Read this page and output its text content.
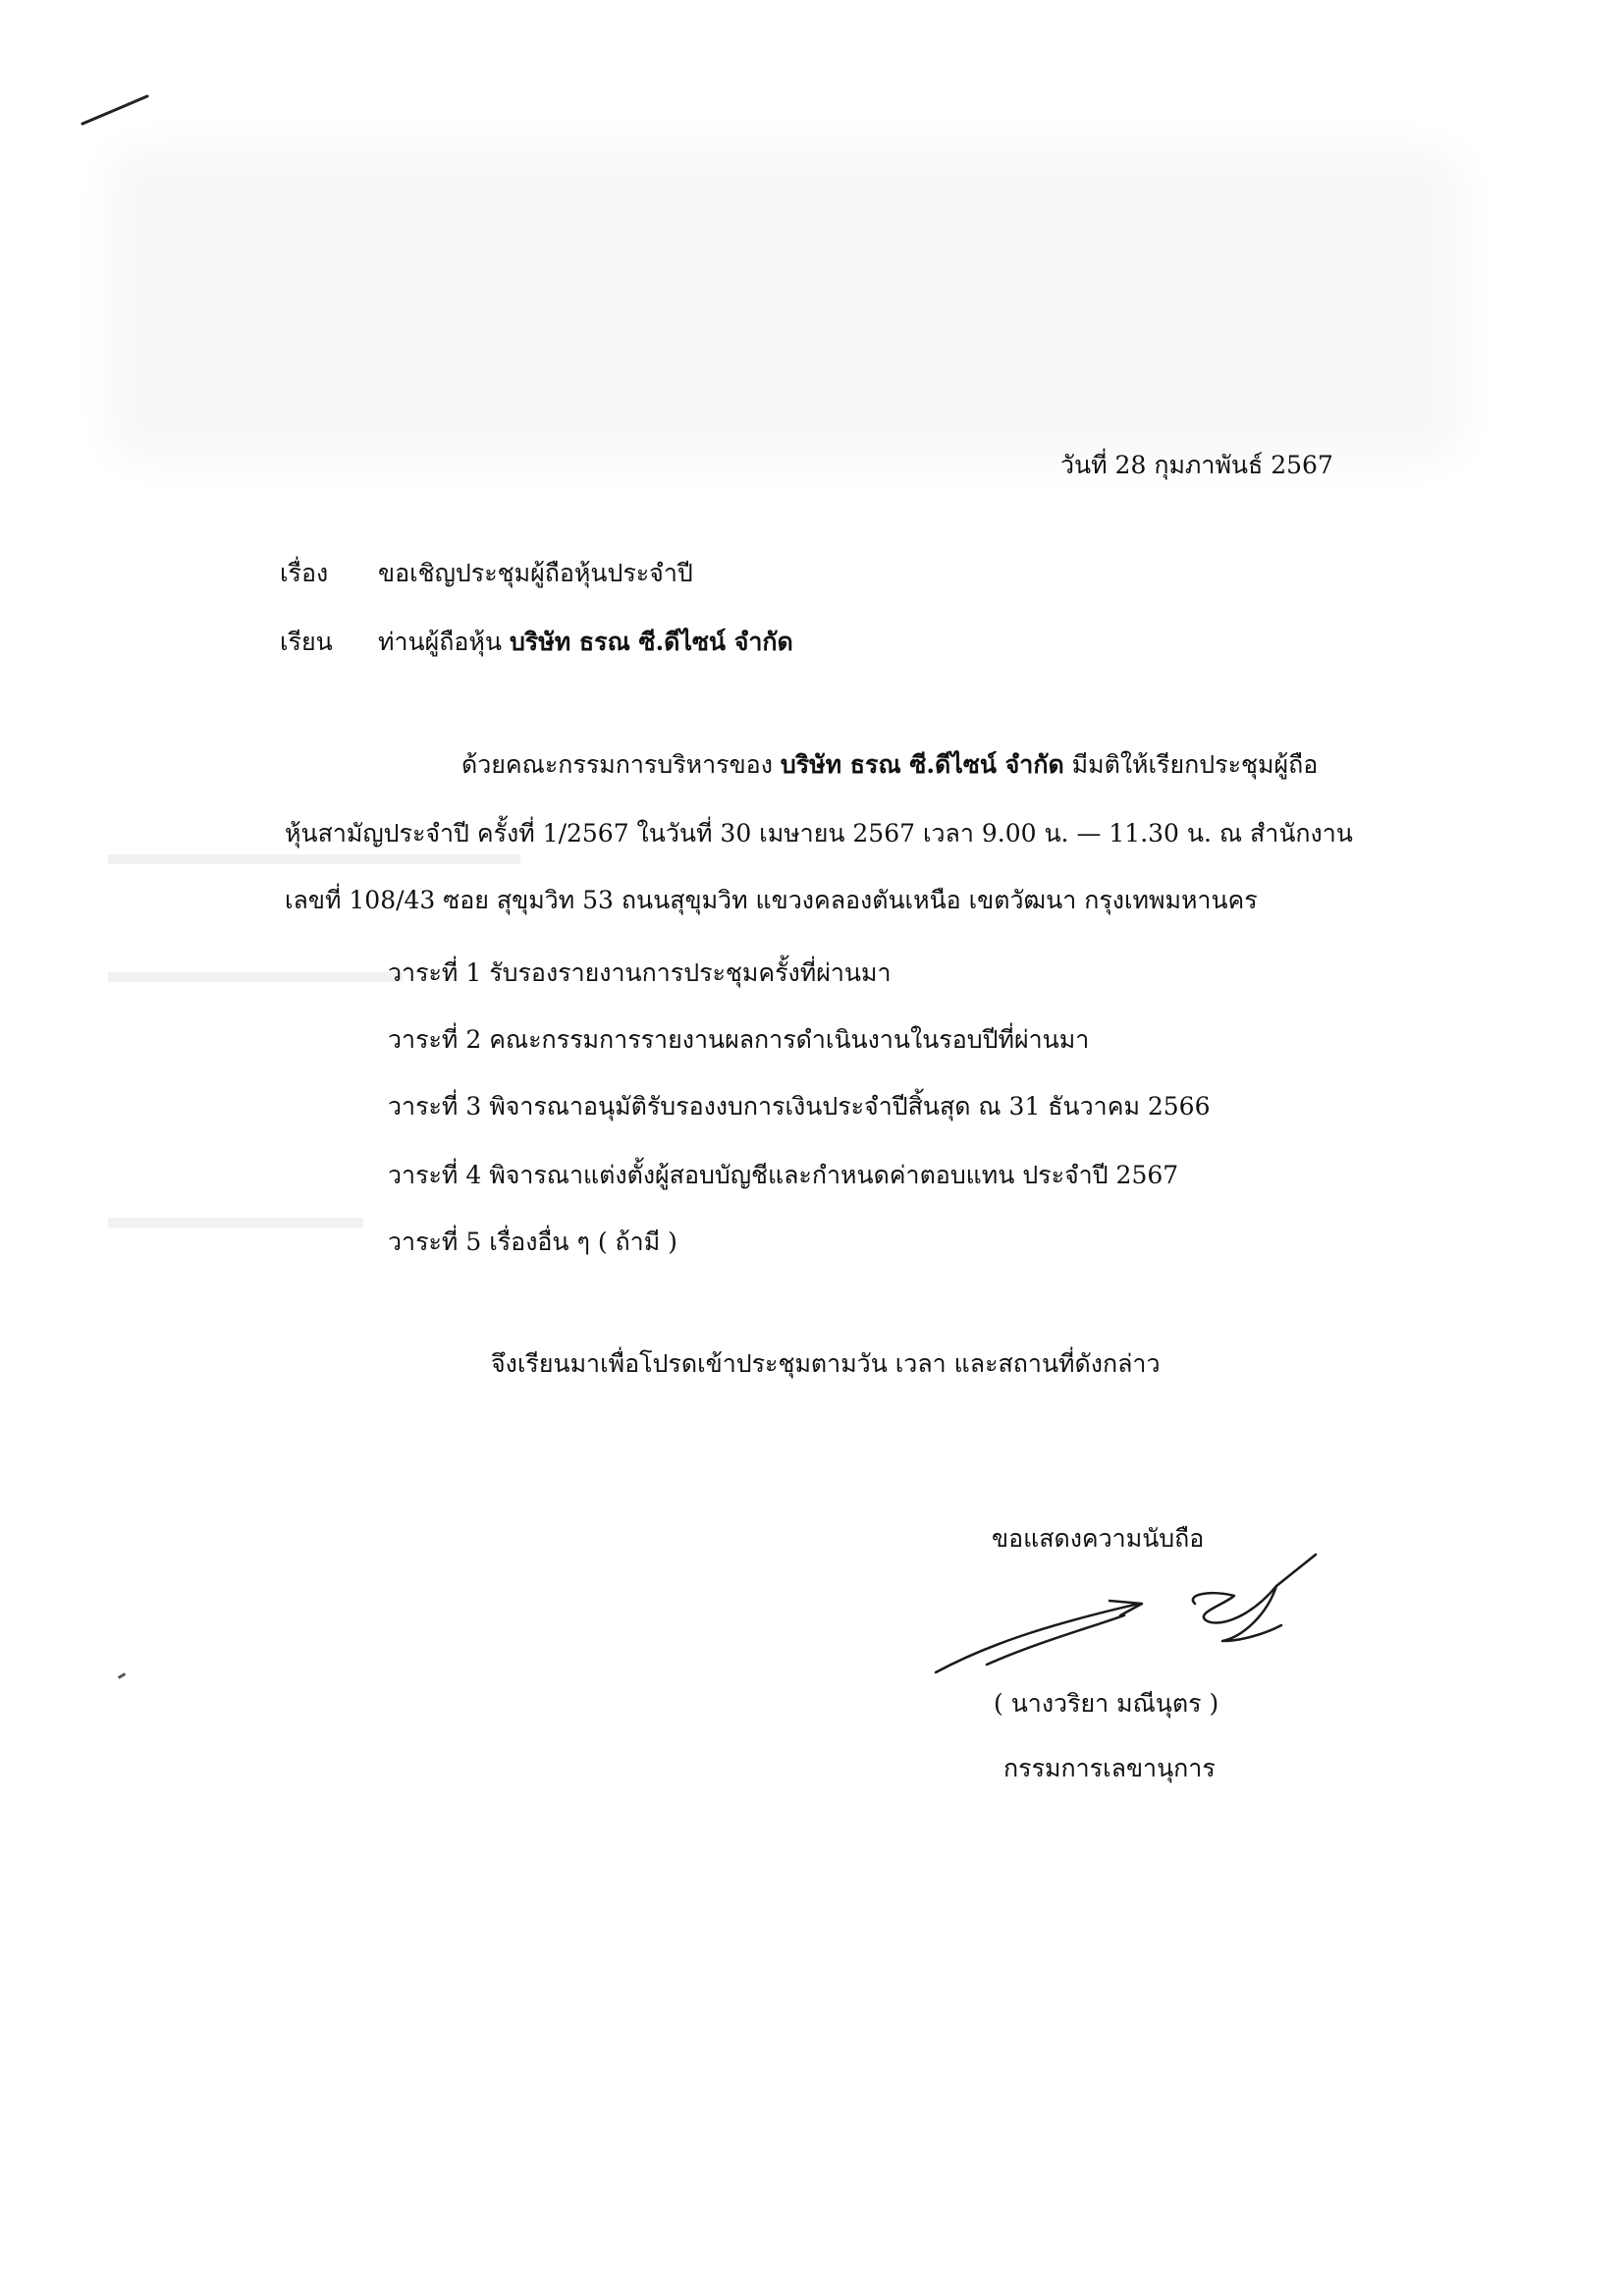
วันที่ 28 กุมภาพันธ์ 2567
เรื่อง ขอเชิญประชุมผู้ถือหุ้นประจำปี
เรียน ท่านผู้ถือหุ้น บริษัท ธรณ ซี.ดีไซน์ จำกัด
ด้วยคณะกรรมการบริหารของ บริษัท ธรณ ซี.ดีไซน์ จำกัด มีมติให้เรียกประชุมผู้ถือ
หุ้นสามัญประจำปี ครั้งที่ 1/2567 ในวันที่ 30 เมษายน 2567 เวลา 9.00 น. — 11.30 น. ณ สำนักงาน
เลขที่ 108/43 ซอย สุขุมวิท 53 ถนนสุขุมวิท แขวงคลองตันเหนือ เขตวัฒนา กรุงเทพมหานคร
วาระที่ 1 รับรองรายงานการประชุมครั้งที่ผ่านมา
วาระที่ 2 คณะกรรมการรายงานผลการดำเนินงานในรอบปีที่ผ่านมา
วาระที่ 3 พิจารณาอนุมัติรับรองงบการเงินประจำปีสิ้นสุด ณ 31 ธันวาคม 2566
วาระที่ 4 พิจารณาแต่งตั้งผู้สอบบัญชีและกำหนดค่าตอบแทน ประจำปี 2567
วาระที่ 5 เรื่องอื่น ๆ ( ถ้ามี )
จึงเรียนมาเพื่อโปรดเข้าประชุมตามวัน เวลา และสถานที่ดังกล่าว
ขอแสดงความนับถือ
( นางวริยา มณีนุตร )
กรรมการเลขานุการ
